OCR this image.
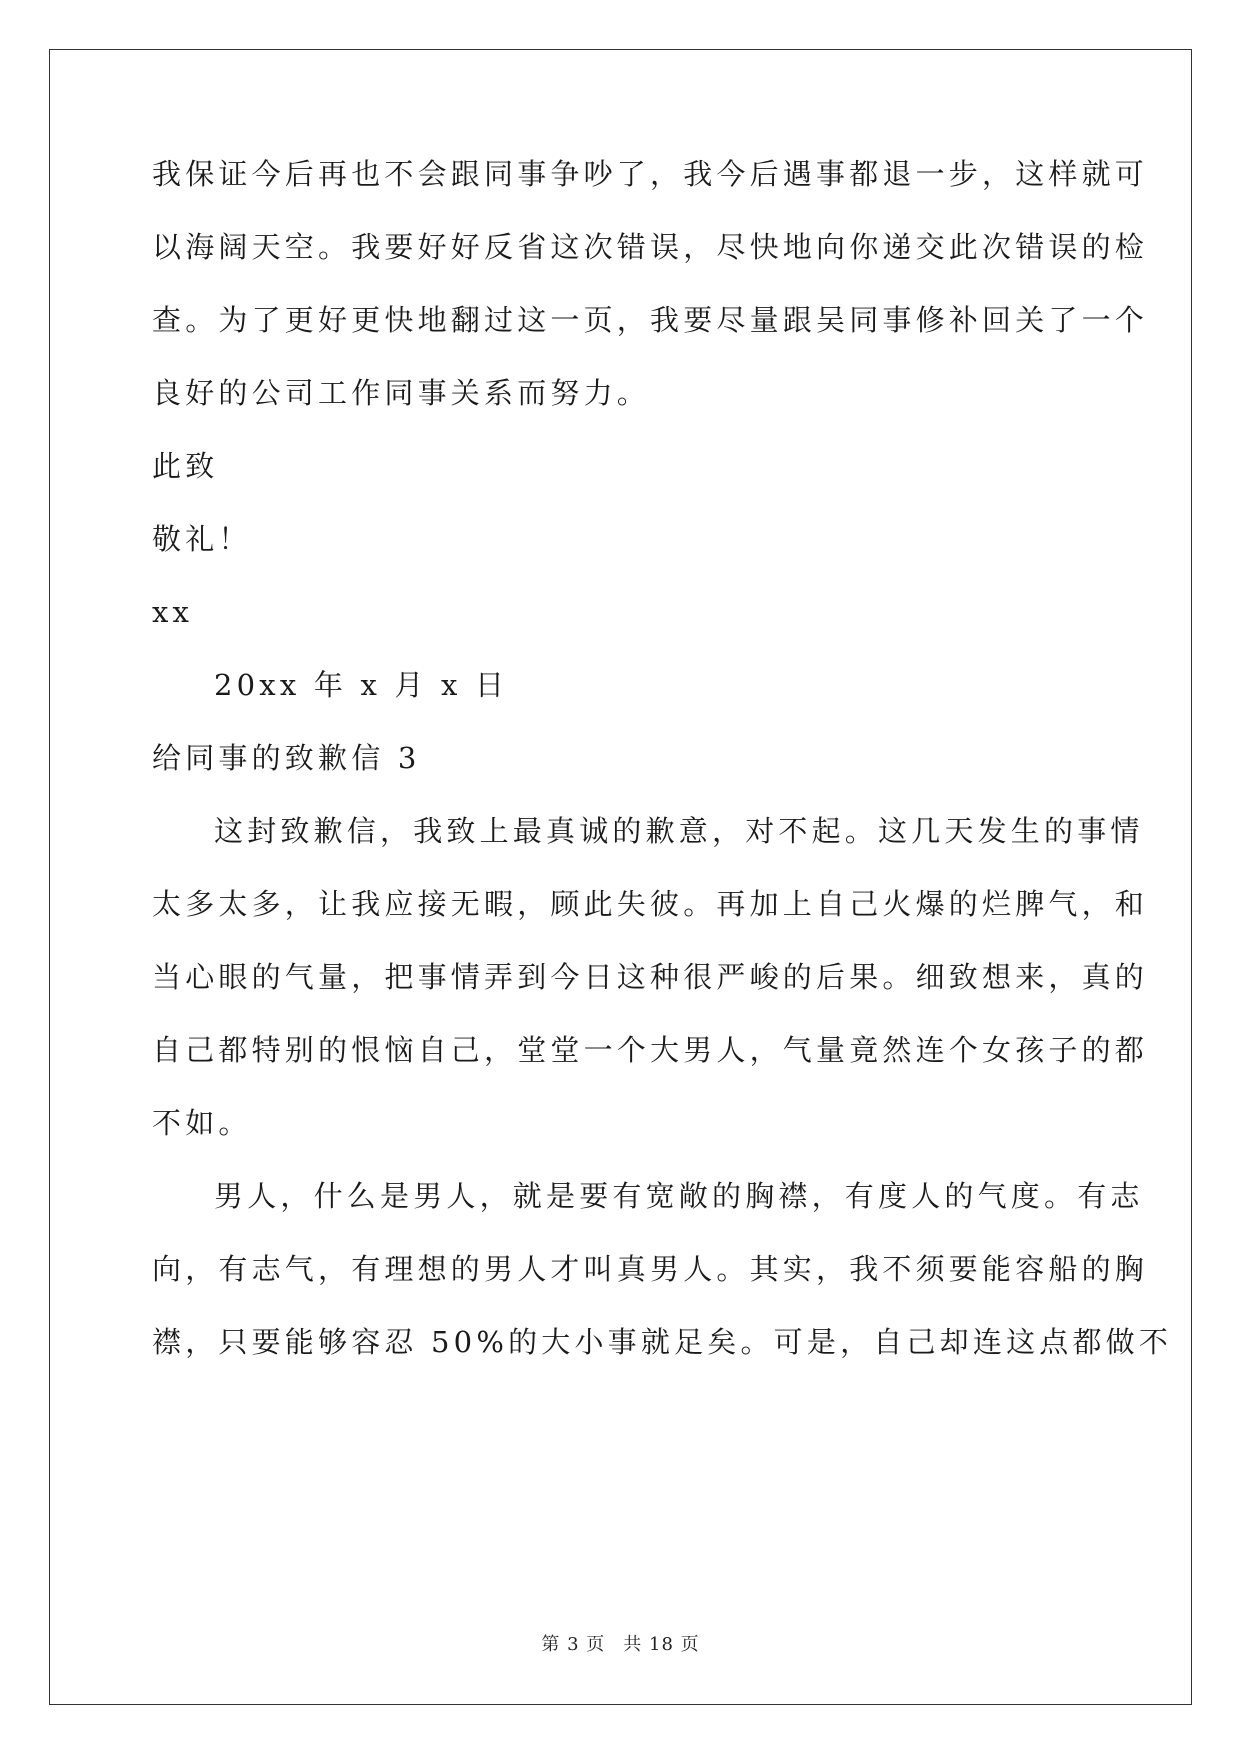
我保证今后再也不会跟同事争吵了，我今后遇事都退一步，这样就可
以海阔天空。我要好好反省这次错误，尽快地向你递交此次错误的检
查。为了更好更快地翻过这一页，我要尽量跟吴同事修补回关了一个
良好的公司工作同事关系而努力。
此致
敬礼！
xx
20xx 年 x 月 x 日
给同事的致歉信 3
这封致歉信，我致上最真诚的歉意，对不起。这几天发生的事情
太多太多，让我应接无暇，顾此失彼。再加上自己火爆的烂脾气，和
当心眼的气量，把事情弄到今日这种很严峻的后果。细致想来，真的
自己都特别的恨恼自己，堂堂一个大男人，气量竟然连个女孩子的都
不如。
男人，什么是男人，就是要有宽敞的胸襟，有度人的气度。有志
向，有志气，有理想的男人才叫真男人。其实，我不须要能容船的胸
襟，只要能够容忍 50%的大小事就足矣。可是，自己却连这点都做不
第 3 页 共 18 页
